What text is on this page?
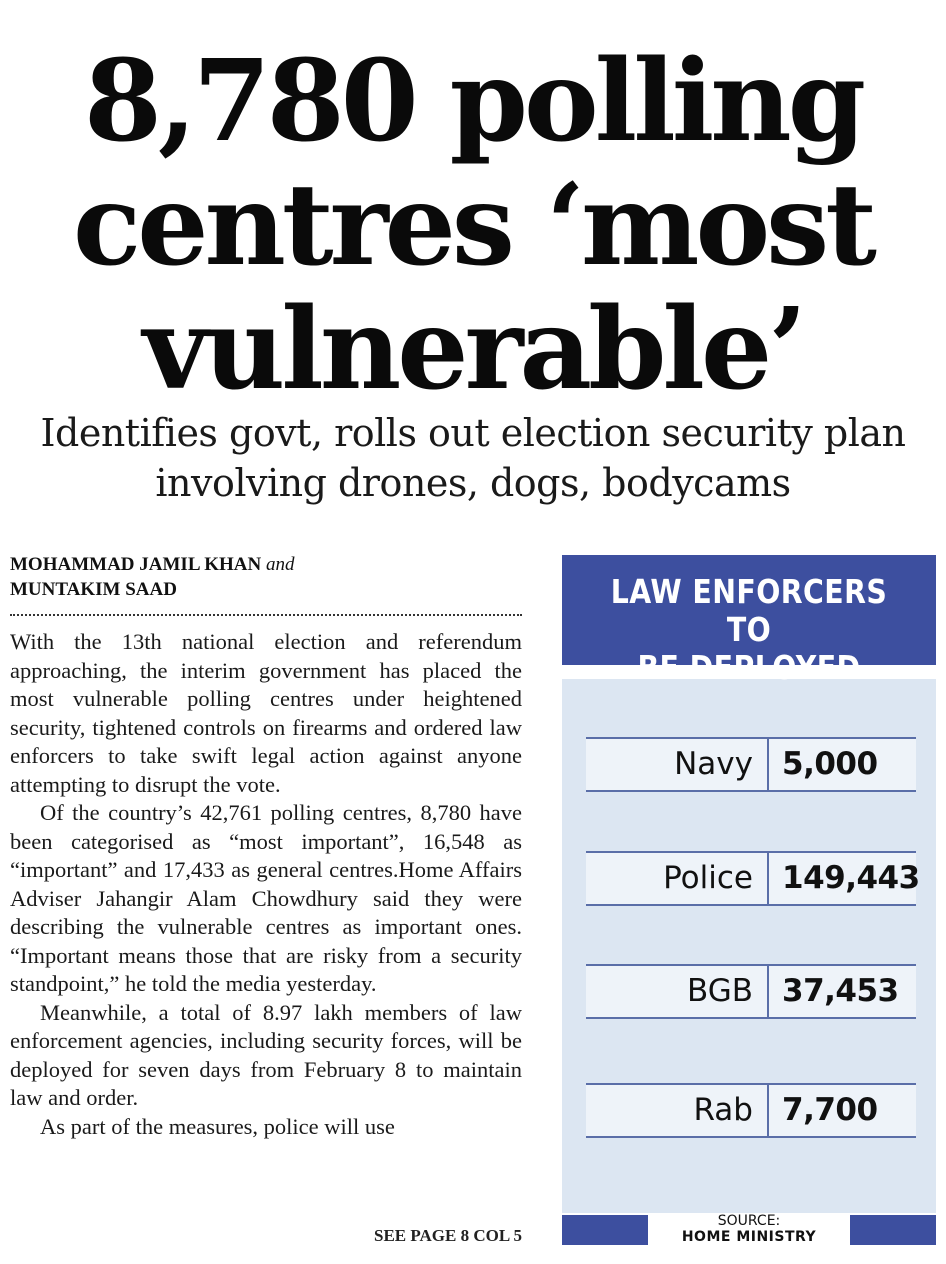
8,780 polling
centres ‘most
vulnerable’
Identifies govt, rolls out election security plan
involving drones, dogs, bodycams
MOHAMMAD JAMIL KHAN and
MUNTAKIM SAAD

With the 13th national election and referendum approaching, the interim government has placed the most vulnerable polling centres under heightened security, tightened controls on firearms and ordered law enforcers to take swift legal action against anyone attempting to disrupt the vote.

Of the country’s 42,761 polling centres, 8,780 have been categorised as “most important”, 16,548 as “important” and 17,433 as general centres.Home Affairs Adviser Jahangir Alam Chowdhury said they were describing the vulnerable centres as important ones. “Important means those that are risky from a security standpoint,” he told the media yesterday.

Meanwhile, a total of 8.97 lakh members of law enforcement agencies, including security forces, will be deployed for seven days from February 8 to maintain law and order.

As part of the measures, police will use

SEE PAGE 8 COL 5
LAW ENFORCERS TO
Navy 5,000
Police 149,443
BGB 37,453
Rab 7,700
SOURCE:
HOME MINISTRY
